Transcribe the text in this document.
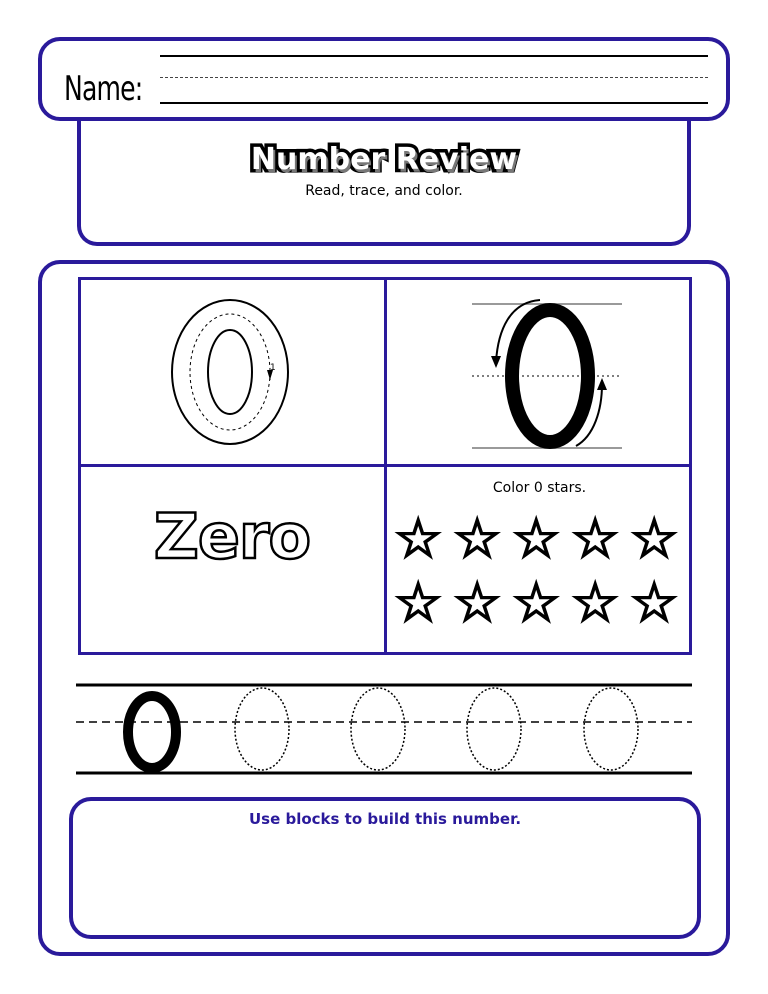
Name:
Number Review
Read, trace, and color.
1
Zero
Color 0 stars.
☆ ☆ ☆ ☆ ☆
☆ ☆ ☆ ☆ ☆
Use blocks to build this number.
